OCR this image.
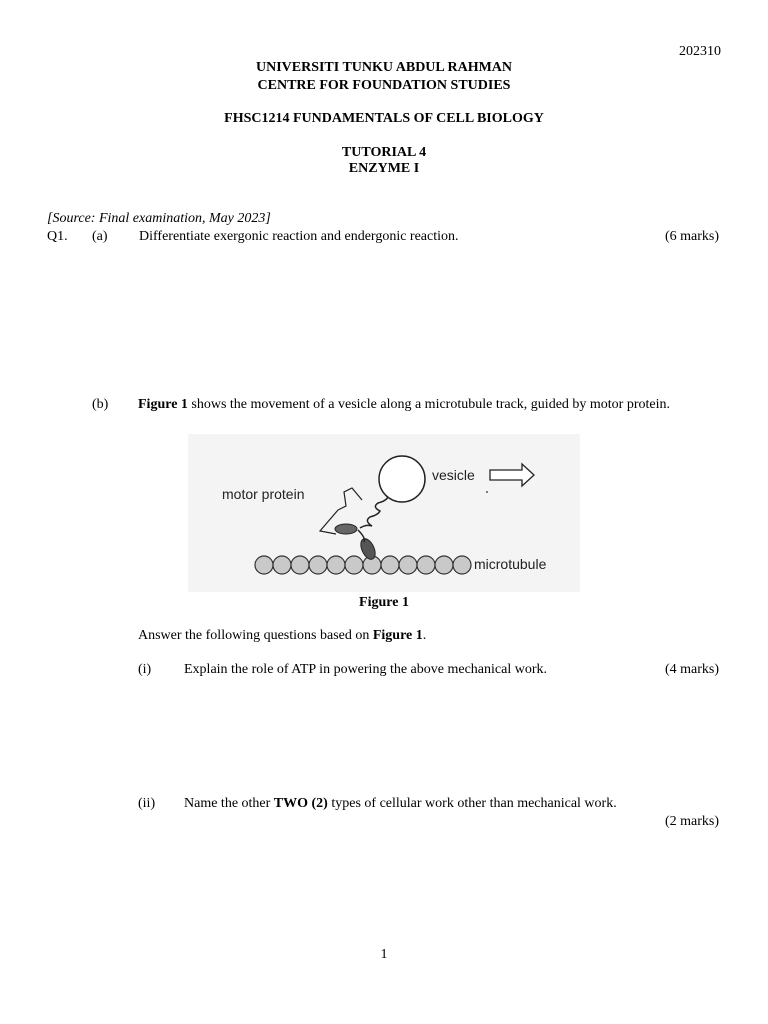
202310
UNIVERSITI TUNKU ABDUL RAHMAN
CENTRE FOR FOUNDATION STUDIES
FHSC1214 FUNDAMENTALS OF CELL BIOLOGY
TUTORIAL 4
ENZYME I
[Source: Final examination, May 2023]
Q1. (a) Differentiate exergonic reaction and endergonic reaction.	(6 marks)
(b) Figure 1 shows the movement of a vesicle along a microtubule track, guided by motor protein.
motor protein
vesicle
microtubule
Figure 1
Answer the following questions based on Figure 1.
(i) Explain the role of ATP in powering the above mechanical work.	(4 marks)
(ii) Name the other TWO (2) types of cellular work other than mechanical work.
(2 marks)
1
